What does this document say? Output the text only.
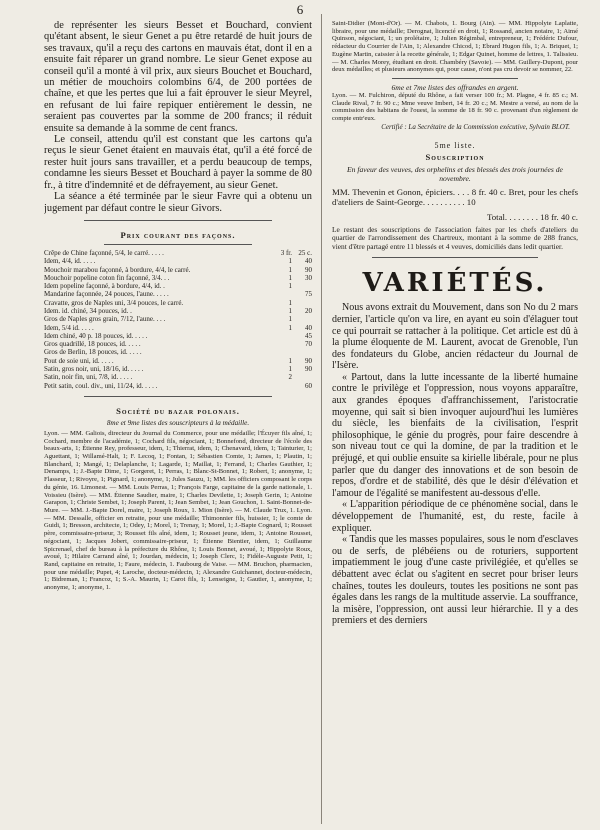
6

de représenter les sieurs Besset et Bouchard, convient qu'étant absent, le sieur Genet a pu être retardé de huit jours de ses travaux, qu'il a reçu des cartons en mauvais état, dont il en a ensuite fait réparer un grand nombre. Le sieur Genet expose au conseil qu'il a monté à vil prix, aux sieurs Bouchet et Bouchard, un métier de mouchoirs colombins 6/4, de 200 portées de chaîne, et que les pertes que lui a fait éprouver le sieur Meyrel, en refusant de lui faire repiquer entièrement le dessin, ne seraient pas couvertes par la somme de 200 francs; il réduit ensuite sa demande à la somme de cent francs.

Le conseil, attendu qu'il est constant que les cartons qu'a reçus le sieur Genet étaient en mauvais état, qu'il a été forcé de rester huit jours sans travailler, et a perdu beaucoup de temps, condamne les sieurs Besset et Bouchard à payer la somme de 80 fr., à titre d'indemnité et de défrayement, au sieur Genet.

La séance a été terminée par le sieur Favre qui a obtenu un jugement par défaut contre le sieur Givors.

Prix courant des façons.
Crêpe de Chine façonné, 5/4, le carré. . . . .	3 fr.	25 c.
Idem, 4/4, id. . . . .	1	40
Mouchoir marabou façonné, à bordure, 4/4, le carré.	1	90
Mouchoir popeline coton fin façonné, 3/4. . .	1	30
Idem popeline façonné, à bordure, 4/4, id. .	1	
Mandarine façonnée, 24 pouces, l'aune. . . . .		75
Cravatte, gros de Naples uni, 3/4 pouces, le carré.	1	
Idem. id. chiné, 34 pouces, id. .	1	20
Gros de Naples gros grain, 7/12, l'aune. . . .	1	
Idem, 5/4 id. . . . .	1	40
Idem chiné, 40 p. 18 pouces, id. . . . .		45
Gros quadrillé, 18 pouces, id. . . . .		70
Gros de Berlin, 18 pouces, id. . . . .		
Pout de soie uni, id. . . . .	1	90
Satin, gros noir, uni, 18/16, id. . . . .	1	90
Satin, noir fin, uni, 7/8, id. . . . .	2	
Petit satin, coul. div., uni, 11/24, id. . . . .		60
Société du bazar polonais.
8me et 9me listes des souscripteurs à la médaille.

Lyon. — MM. Galiois, directeur du Journal du Commerce, pour une médaille; l'Écuyer fils aîné, 1; Cochard, membre de l'académie, 1; Cochard fils, négociant, 1; Bonnefond, directeur de l'école des beaux-arts, 1; Étienne Rey, professeur, idem, 1; Thierrat, idem, 1; Chenavard, idem, 1; Tainturier, 1; Aguettant, 1; Willamé-Halt, 1; F. Lecoq, 1; Fontan, 1; Sébastien Comte, 1; James, 1; Plautin, 1; Blanchard, 1; Mangé, 1; Delaplanche, 1; Lagarde, 1; Maillat, 1; Ferrand, 1; Charles Gauthier, 1; Denamps, 1; J.-Bapte Dime, 1; Gorgeret, 1; Perras, 1; Blanc-St-Bonnet, 1; Robert, 1; anonyme, 1; Flasseur, 1; Rivoyre, 1; Pignard, 1; anonyme, 1; Jules Sauzu, 1; MM. les officiers composant le corps du génie, 16. Limonest. — MM. Louis Perras, 1; François Farge, capitaine de la garde nationale, 1. Voissieu (Isère). — MM. Étienne Saudier, maire, 1; Charles Devilette, 1; Joseph Gerin, 1; Antoine Garapon, 1; Christe Sembet, 1; Joseph Parent, 1; Jean Sembet, 1; Jean Gouchon, 1. Saint-Bonnet-de-Mure. — MM. J.-Bapte Dorel, maire, 1; Joseph Roux, 1. Mion (Isère). — M. Claude Trux, 1. Lyon. — MM. Dessalle, officier en retraite, pour une médaille; Thimonnier fils, huissier, 1; le comte de Guidi, 1; Bresson, architecte, 1; Odey, 1; Morel, 1; Trenay, 1; Morel, 1; J.-Bapte Cognard, 1; Rousset père, commissaire-priseur, 3; Rousset fils aîné, idem, 1; Rousset jeune, idem, 1; Antoine Rousset, négociant, 1; Jacques Jobert, commissaire-priseur, 1; Étienne Bientier, idem, 1; Guillaume Spicrenael, chef de bureau à la préfecture du Rhône, 1; Louis Bonnet, avoué, 1; Hippolyte Roux, avoué, 1; Hilaire Carrand aîné, 1; Jourdan, médecin, 1; Joseph Clerc, 1; Fidèle-Auguste Petit, 1; Rand, capitaine en retraite, 1; Faure, médecin, 1. Faubourg de Vaise. — MM. Bruchon, pharmacien, pour une médaille; Pupet, 4; Laroche, docteur-médecin, 1; Alexandre Guichannet, docteur-médecin, 1; Bidreman, 1; Francoz, 1; S.-A. Maurin, 1; Carot fils, 1; Lenseigne, 1; Gautier, 1, anonyme, 1; anonyme, 1; anonyme, 1.

Saint-Didier (Mont-d'Or). — M. Chabois, 1. Bourg (Ain). — MM. Hippolyte Laplatte, libraire, pour une médaille; Derognat, licencié en droit, 1; Rossand, ancien notaire, 1; Aimé Quinson, négociant, 1; un prolétaire, 1; Julien Régimbal, entrepreneur, 1; Frédéric Dufour, rédacteur du Courrier de l'Ain, 1; Alexandre Chicod, 1; Ebrard Hugon fils, 1; A. Briquet, 1; Eugène Martin, caissier à la recette générale, 1; Edgar Quinet, homme de lettres, 1. Talissieu. — M. Charles Morey, étudiant en droit. Chambéry (Savoie). — MM. Guillery-Dupont, pour deux médailles; et plusieurs anonymes qui, pour cause, n'ont pas cru devoir se nommer, 22.

6me et 7me listes des offrandes en argent.

Lyon. — M. Fulchiron, député du Rhône, a fait verser 100 fr.; M. Plagne, 4 fr. 85 c.; M. Claude Rival, 7 fr. 90 c.; Mme veuve Imbert, 14 fr. 20 c.; M. Mestre a versé, au nom de la commission des habitans de l'ouest, la somme de 18 fr. 90 c. provenant d'un règlement de compte entr'eux.

Certifié : La Secrétaire de la Commission exécutive, Sylvain BLOT.
5me liste.
Souscription
En faveur des veuves, des orphelins et des blessés des trois journées de novembre.

MM. Thevenin et Gonon, épiciers. . . . 8 fr. 40 c. Bret, pour les chefs d'ateliers de Saint-George. . . . . . . . . . 10

Total. . . . . . . . 18 fr. 40 c.

Le restant des souscriptions de l'association faites par les chefs d'ateliers du quartier de l'arrondissement des Chartreux, montant à la somme de 288 francs, vient d'être partagé entre 11 blessés et 4 veuves, domiciliés dans ledit quartier.

VARIÉTÉS.

Nous avons extrait du Mouvement, dans son No du 2 mars dernier, l'article qu'on va lire, en ayant eu soin d'élaguer tout ce qui pourrait se rattacher à la politique. Cet article est dû à la plume éloquente de M. Laurent, avocat de Grenoble, l'un des fondateurs du Globe, ancien rédacteur du Journal de l'Isère.

« Partout, dans la lutte incessante de la liberté humaine contre le privilège et l'oppression, nous voyons apparaître, aux grandes époques d'affranchissement, l'aristocratie moyenne, qui sait si bien invoquer aujourd'hui les lumières du siècle, les bienfaits de la civilisation, l'esprit philosophique, le génie du progrès, pour faire descendre à son niveau tout ce qui la domine, de par la tradition et le préjugé, et qui oublie ensuite sa kirielle libérale, pour ne plus parler que du danger des innovations et de son besoin de repos, d'ordre et de stabilité, dès que le désir d'élévation et l'amour de l'égalité se manifestent au-dessous d'elle.

« L'apparition périodique de ce phénomène social, dans le développement de l'humanité, est, du reste, facile à expliquer.

« Tandis que les masses populaires, sous le nom d'esclaves ou de serfs, de plébéiens ou de roturiers, supportent impatiemment le joug d'une caste privilégiée, et qu'elles se débattent avec éclat ou s'agitent en secret pour briser leurs chaînes, toutes les douleurs, toutes les positions ne sont pas égales dans les rangs de la multitude asservie. La souffrance, la misère, l'oppression, ont aussi leur hiérarchie. Il y a des premiers et des derniers
